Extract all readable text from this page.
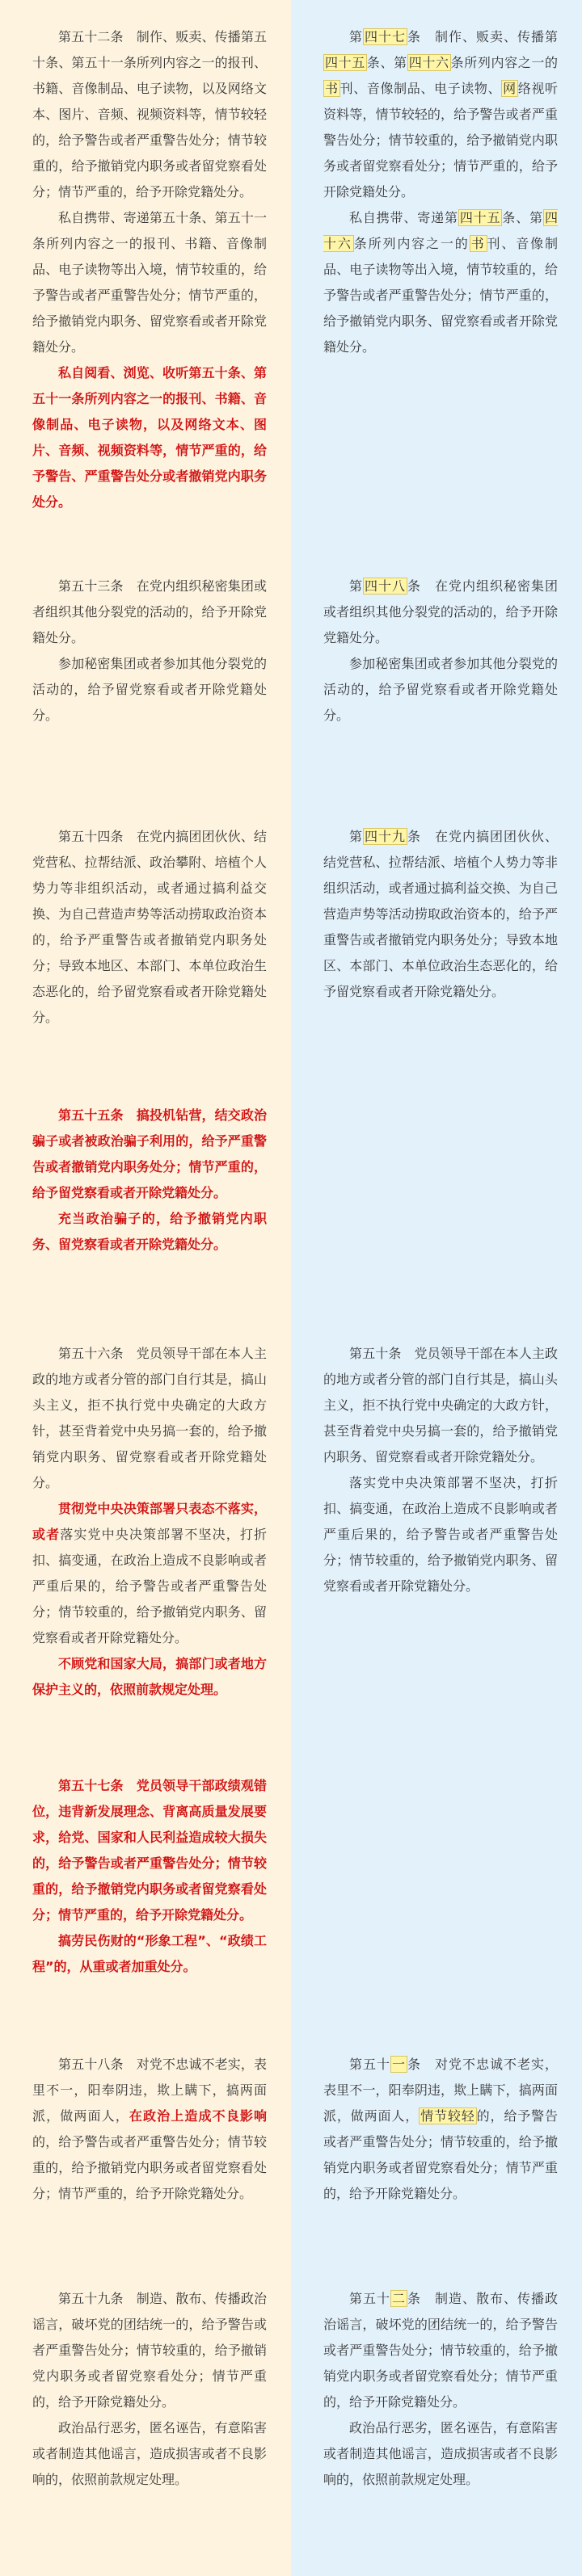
第五十二条　 制作、贩卖、传播第五十条、第五十一条所列内容之一的报刊、书籍、音像制品、电子读物，以及网络文本、图片、音频、视频资料等，情节较轻的，给予警告或者严重警告处分；情节较重的，给予撤销党内职务或者留党察看处分；情节严重的，给予开除党籍处分。

私自携带、寄递第五十条、第五十一条所列内容之一的报刊、书籍、音像制品、电子读物等出入境，情节较重的，给予警告或者严重警告处分；情节严重的，给予撤销党内职务、留党察看或者开除党籍处分。

私自阅看、浏览、收听第五十条、第五十一条所列内容之一的报刊、书籍、音像制品、电子读物，以及网络文本、图片、音频、视频资料等，情节严重的，给予警告、严重警告处分或者撤销党内职务处分。

第五十三条　 在党内组织秘密集团或者组织其他分裂党的活动的，给予开除党籍处分。

参加秘密集团或者参加其他分裂党的活动的，给予留党察看或者开除党籍处分。

第五十四条　 在党内搞团团伙伙、结党营私、拉帮结派、政治攀附、培植个人势力等非组织活动，或者通过搞利益交换、为自己营造声势等活动捞取政治资本的，给予严重警告或者撤销党内职务处分；导致本地区、本部门、本单位政治生态恶化的，给予留党察看或者开除党籍处分。

第五十五条　搞投机钻营，结交政治骗子或者被政治骗子利用的，给予严重警告或者撤销党内职务处分；情节严重的，给予留党察看或者开除党籍处分。

充当政治骗子的，给予撤销党内职务、留党察看或者开除党籍处分。

第五十六条　 党员领导干部在本人主政的地方或者分管的部门自行其是，搞山头主义，拒不执行党中央确定的大政方针，甚至背着党中央另搞一套的，给予撤销党内职务、留党察看或者开除党籍处分。

贯彻党中央决策部署只表态不落实，或者落实党中央决策部署不坚决，打折扣、搞变通，在政治上造成不良影响或者严重后果的，给予警告或者严重警告处分；情节较重的，给予撤销党内职务、留党察看或者开除党籍处分。

不顾党和国家大局，搞部门或者地方保护主义的，依照前款规定处理。

第五十七条　党员领导干部政绩观错位，违背新发展理念、背离高质量发展要求，给党、国家和人民利益造成较大损失的，给予警告或者严重警告处分；情节较重的，给予撤销党内职务或者留党察看处分；情节严重的，给予开除党籍处分。

搞劳民伤财的“形象工程”、“政绩工程”的，从重或者加重处分。

第五十八条　 对党不忠诚不老实，表里不一，阳奉阴违，欺上瞒下，搞两面派，做两面人，在政治上造成不良影响的，给予警告或者严重警告处分；情节较重的，给予撤销党内职务或者留党察看处分；情节严重的，给予开除党籍处分。

第五十九条　 制造、散布、传播政治谣言，破坏党的团结统一的，给予警告或者严重警告处分；情节较重的，给予撤销党内职务或者留党察看处分；情节严重的，给予开除党籍处分。

政治品行恶劣，匿名诬告，有意陷害或者制造其他谣言，造成损害或者不良影响的，依照前款规定处理。

第 四十七 条　制作、贩卖、传播第四十五 条、第 四十六 条所列内容之一的书 刊、音像制品、电子读物、 网 络视听资料等，情节较轻的，给予警告或者严重警告处分；情节较重的，给予撤销党内职务或者留党察看处分；情节严重的，给予开除党籍处分。

私自携带、寄递第 四十五 条、第 四十六 条所列内容之一的 书 刊、音像制品、电子读物等出入境，情节较重的，给予警告或者严重警告处分；情节严重的，给予撤销党内职务、留党察看或者开除党籍处分。

第 四十八 条　在党内组织秘密集团或者组织其他分裂党的活动的，给予开除党籍处分。

参加秘密集团或者参加其他分裂党的活动的，给予留党察看或者开除党籍处分。

第 四十九 条　在党内搞团团伙伙、结党营私、拉帮结派、培植个人势力等非组织活动，或者通过搞利益交换、为自己营造声势等活动捞取政治资本的，给予严重警告或者撤销党内职务处分；导致本地区、本部门、本单位政治生态恶化的，给予留党察看或者开除党籍处分。

第五十条　党员领导干部在本人主政的地方或者分管的部门自行其是，搞山头主义，拒不执行党中央确定的大政方针，甚至背着党中央另搞一套的，给予撤销党内职务、留党察看或者开除党籍处分。

落实党中央决策部署不坚决，打折扣、搞变通，在政治上造成不良影响或者严重后果的，给予警告或者严重警告处分；情节较重的，给予撤销党内职务、留党察看或者开除党籍处分。

第五十 一 条　对党不忠诚不老实，表里不一，阳奉阴违，欺上瞒下，搞两面派，做两面人， 情节较轻 的，给予警告或者严重警告处分；情节较重的，给予撤销党内职务或者留党察看处分；情节严重的，给予开除党籍处分。

第五十 二 条　制造、散布、传播政治谣言，破坏党的团结统一的，给予警告或者严重警告处分；情节较重的，给予撤销党内职务或者留党察看处分；情节严重的，给予开除党籍处分。

政治品行恶劣，匿名诬告，有意陷害或者制造其他谣言，造成损害或者不良影响的，依照前款规定处理。
